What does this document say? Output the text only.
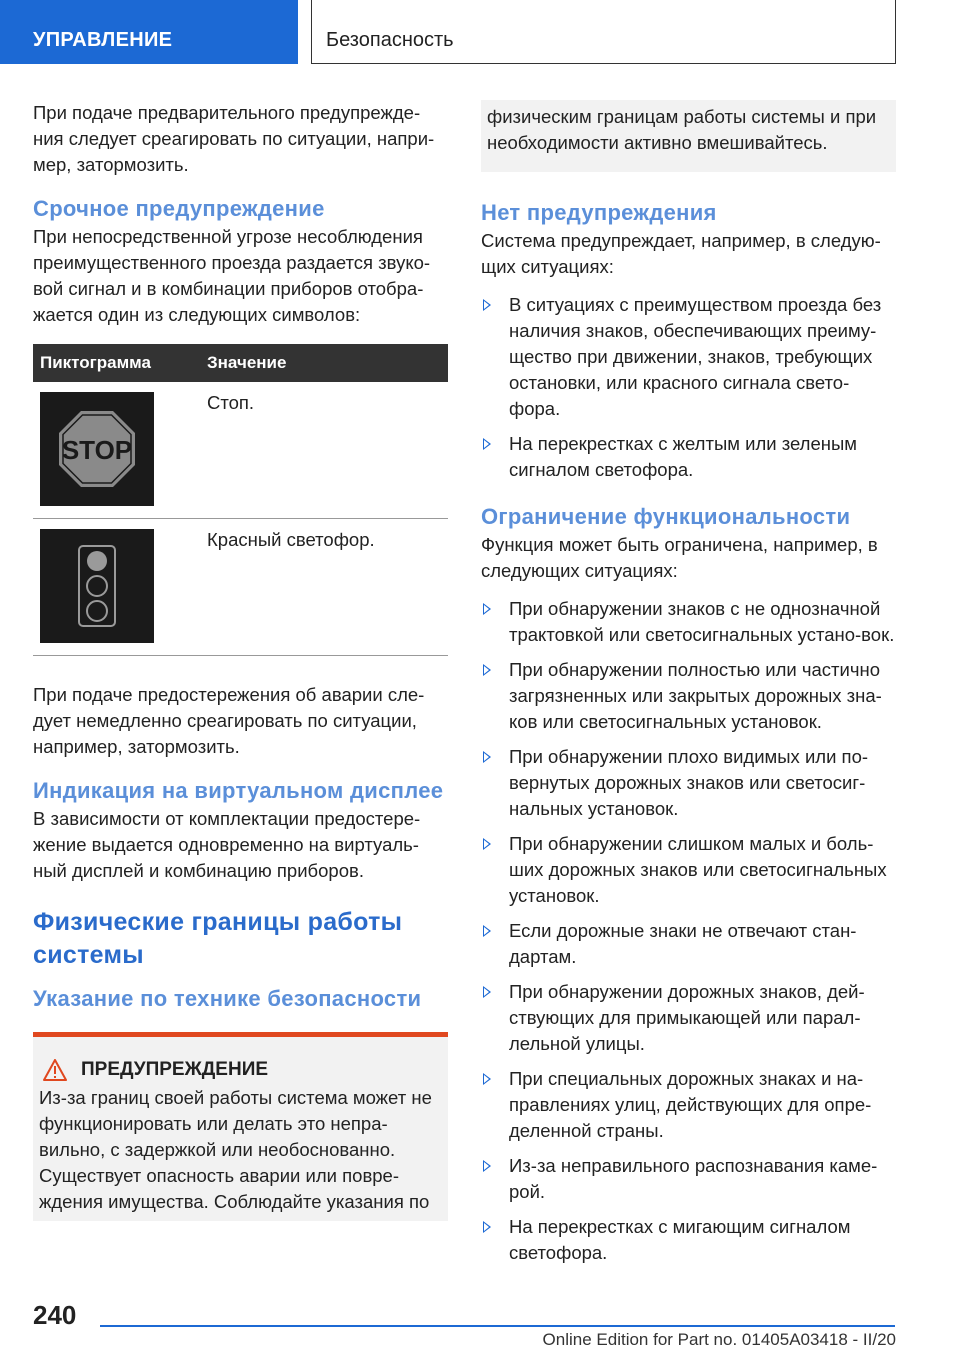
УПРАВЛЕНИЕ	Безопасность

При подаче предварительного предупрежде-ния следует среагировать по ситуации, напри-мер, затормозить.

Срочное предупреждение

При непосредственной угрозе несоблюдения преимущественного проезда раздается звуко-вой сигнал и в комбинации приборов отобра-жается один из следующих символов:

Пиктограмма	Значение

STOP	Стоп.

	Красный светофор.

При подаче предостережения об аварии сле-дует немедленно среагировать по ситуации, например, затормозить.

Индикация на виртуальном дисплее

В зависимости от комплектации предостере-жение выдается одновременно на виртуаль-ный дисплей и комбинацию приборов.

Физические границы работы системы
Указание по технике безопасности
ПРЕДУПРЕЖДЕНИЕ

Из-за границ своей работы система может не функционировать или делать это непра-вильно, с задержкой или необоснованно. Существует опасность аварии или повре-ждения имущества. Соблюдайте указания по

физическим границам работы системы и при необходимости активно вмешивайтесь.

Нет предупреждения

Система предупреждает, например, в следую-щих ситуациях:

В ситуациях с преимуществом проезда без наличия знаков, обеспечивающих преиму-щество при движении, знаков, требующих остановки, или красного сигнала свето-фора.
На перекрестках с желтым или зеленым сигналом светофора.
Ограничение функциональности

Функция может быть ограничена, например, в следующих ситуациях:

При обнаружении знаков с не однозначной трактовкой или светосигнальных устано-вок.
При обнаружении полностью или частично загрязненных или закрытых дорожных зна-ков или светосигнальных установок.
При обнаружении плохо видимых или по-вернутых дорожных знаков или светосиг-нальных установок.
При обнаружении слишком малых и боль-ших дорожных знаков или светосигнальных установок.
Если дорожные знаки не отвечают стан-дартам.
При обнаружении дорожных знаков, дей-ствующих для примыкающей или парал-лельной улицы.
При специальных дорожных знаках и на-правлениях улиц, действующих для опре-деленной страны.
Из-за неправильного распознавания каме-рой.
На перекрестках с мигающим сигналом светофора.
240
Online Edition for Part no. 01405A03418 - II/20
